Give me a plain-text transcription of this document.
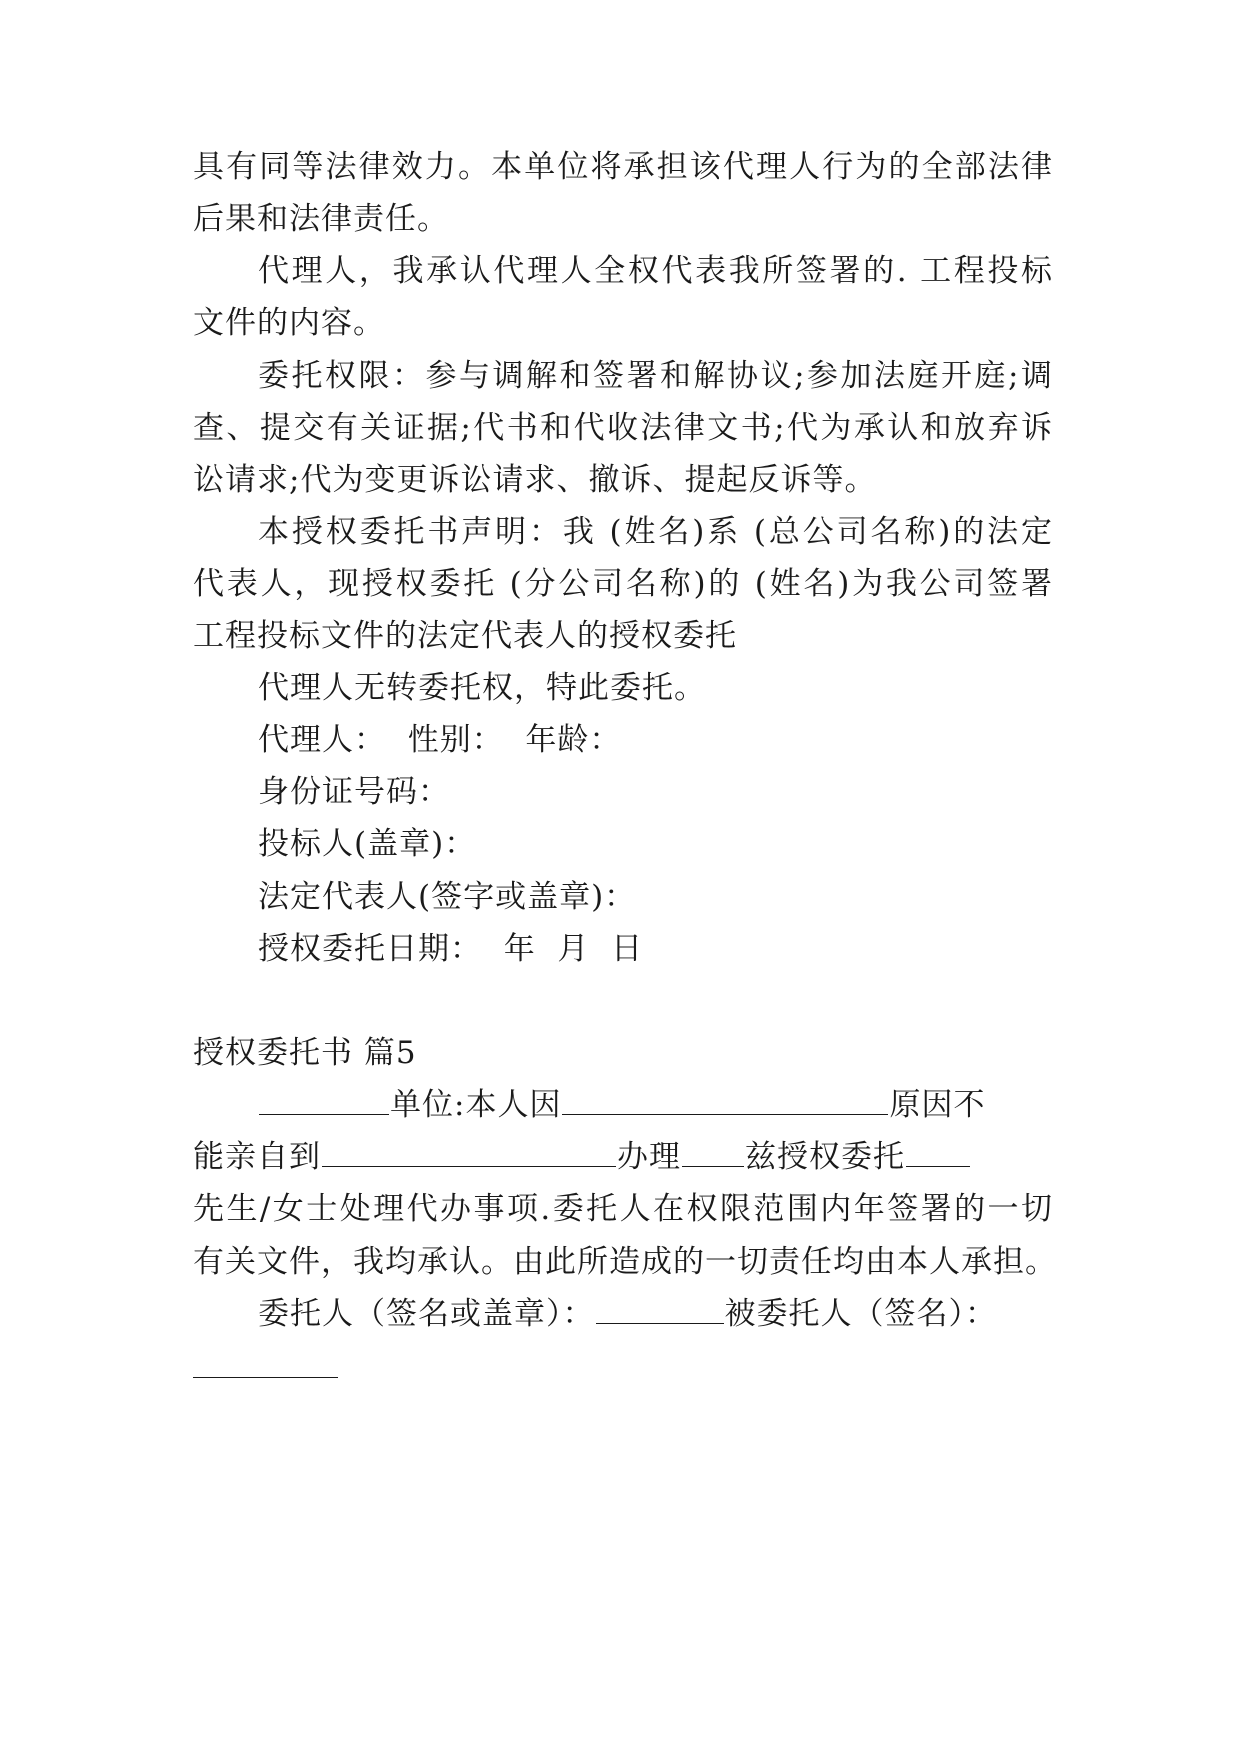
具有同等法律效力。本单位将承担该代理人行为的全部法律
后果和法律责任。
代理人，我承认代理人全权代表我所签署的. 工程投标
文件的内容。
委托权限：参与调解和签署和解协议;参加法庭开庭;调
查、提交有关证据;代书和代收法律文书;代为承认和放弃诉
讼请求;代为变更诉讼请求、撤诉、提起反诉等。
本授权委托书声明：我 (姓名)系 (总公司名称)的法定
代表人，现授权委托 (分公司名称)的 (姓名)为我公司签署
工程投标文件的法定代表人的授权委托
代理人无转委托权，特此委托。
代理人：  性别：  年龄：
身份证号码：
投标人(盖章)：
法定代表人(签字或盖章)：
授权委托日期：  年  月  日
授权委托书 篇5
单位:本人因	原因不
能亲自到	办理 兹授权委托
先生/女士处理代办事项.委托人在权限范围内年签署的一切
有关文件，我均承认。由此所造成的一切责任均由本人承担。
委托人（签名或盖章）：	被委托人（签名）：
